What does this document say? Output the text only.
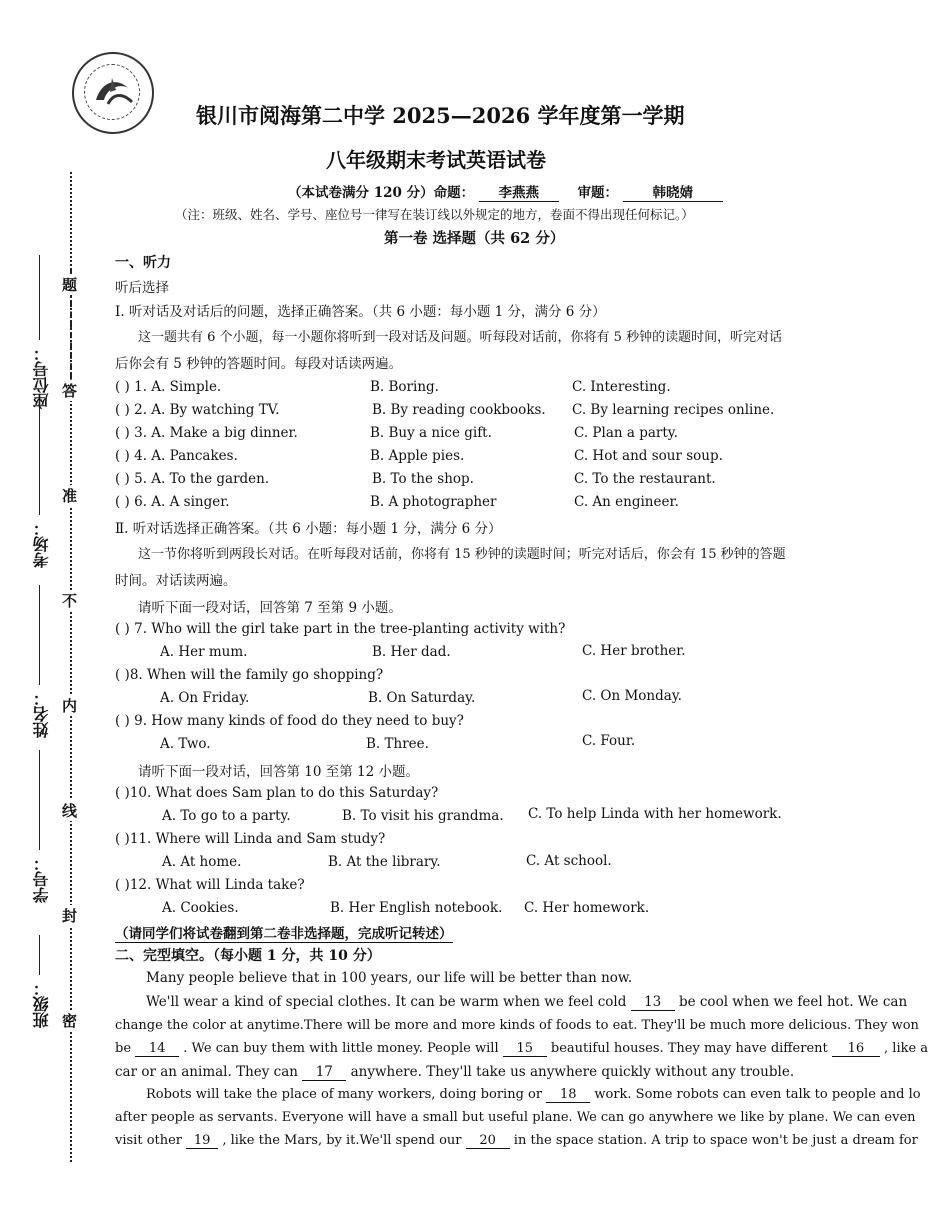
银川市阅海第二中学 2025—2026 学年度第一学期
八年级期末考试英语试卷
（本试卷满分 120 分）命题： 李燕燕	审题：	韩晓婧
（注：班级、姓名、学号、座位号一律写在装订线以外规定的地方，卷面不得出现任何标记。）
第一卷 选择题（共 62 分）
座位号：
考场：
姓名：
学号：
班级：
题
答
准
不
内
线
封
密
一、听力
听后选择
Ⅰ. 听对话及对话后的问题，选择正确答案。（共 6 小题：每小题 1 分，满分 6 分）
这一题共有 6 个小题，每一小题你将听到一段对话及问题。听每段对话前，你将有 5 秒钟的读题时间，听完对话
后你会有 5 秒钟的答题时间。每段对话读两遍。
( ) 1. A. Simple.	B. Boring.	C. Interesting.
( ) 2. A. By watching TV.	B. By reading cookbooks. C. By learning recipes online.
( ) 3. A. Make a big dinner.	B. Buy a nice gift.	C. Plan a party.
( ) 4. A. Pancakes.	B. Apple pies.	C. Hot and sour soup.
( ) 5. A. To the garden.	B. To the shop.	C. To the restaurant.
( ) 6. A. A singer.	B. A photographer	C. An engineer.
Ⅱ. 听对话选择正确答案。（共 6 小题：每小题 1 分，满分 6 分）
这一节你将听到两段长对话。在听每段对话前，你将有 15 秒钟的读题时间；听完对话后，你会有 15 秒钟的答题
时间。对话读两遍。
请听下面一段对话，回答第 7 至第 9 小题。
( ) 7. Who will the girl take part in the tree-planting activity with?
A. Her mum.	B. Her dad.	C. Her brother.
( )8. When will the family go shopping?
A. On Friday.	B. On Saturday.	C. On Monday.
( ) 9. How many kinds of food do they need to buy?
A. Two.	B. Three.	C. Four.
请听下面一段对话，回答第 10 至第 12 小题。
( )10. What does Sam plan to do this Saturday?
A. To go to a party.	B. To visit his grandma. C. To help Linda with her homework.
( )11. Where will Linda and Sam study?
A. At home.	B. At the library.	C. At school.
( )12. What will Linda take?
A. Cookies.	B. Her English notebook. C. Her homework.
（请同学们将试卷翻到第二卷非选择题，完成听记转述）
二、完型填空。（每小题 1 分，共 10 分）
Many people believe that in 100 years, our life will be better than now.
We'll wear a kind of special clothes. It can be warm when we feel cold 13 be cool when we feel hot. We can
change the color at anytime.There will be more and more kinds of foods to eat. They'll be much more delicious. They won
be 14 . We can buy them with little money. People will 15 beautiful houses. They may have different 16 , like a
car or an animal. They can 17 anywhere. They'll take us anywhere quickly without any trouble.
Robots will take the place of many workers, doing boring or 18 work. Some robots can even talk to people and lo
after people as servants. Everyone will have a small but useful plane. We can go anywhere we like by plane. We can even
visit other 19 , like the Mars, by it.We'll spend our 20 in the space station. A trip to space won't be just a dream for
